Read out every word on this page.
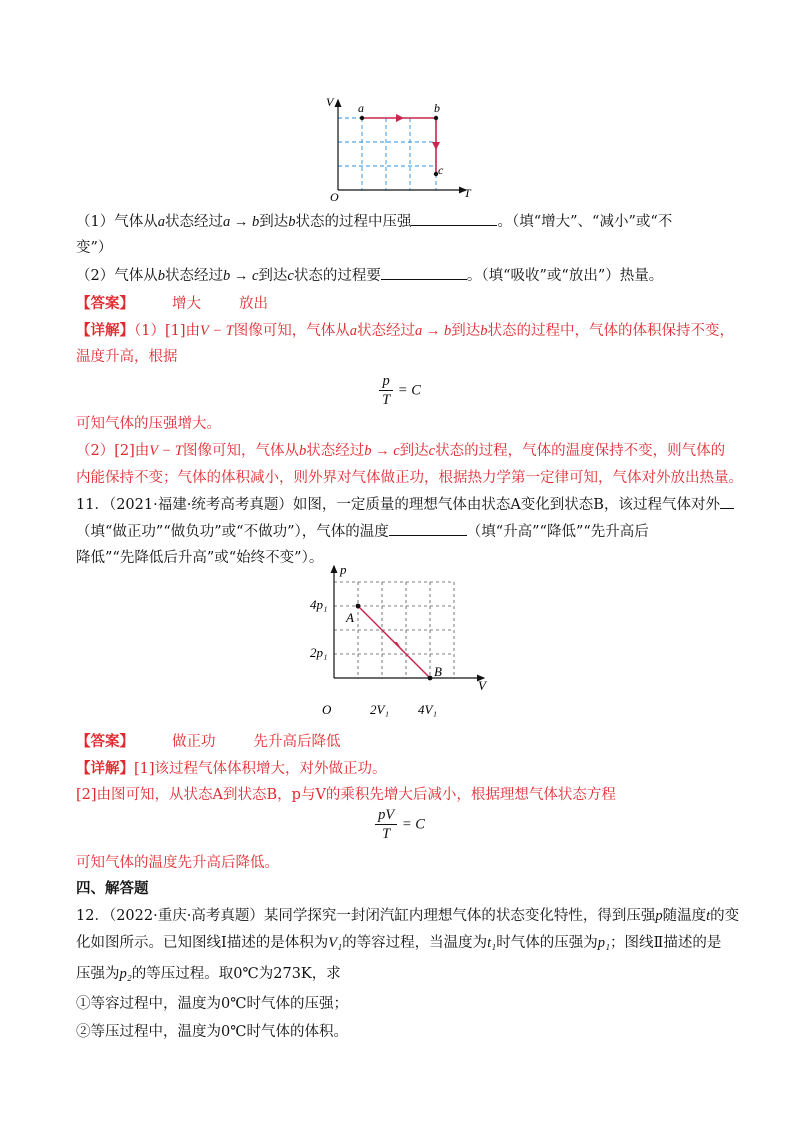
V
T
O
a	b
c
（1）气体从a状态经过a → b到达b状态的过程中压强	。（填“增大”、“减小”或“不
变”）
（2）气体从b状态经过b → c到达c状态的过程要	。（填“吸收”或“放出”）热量。
【答案】	增大	放出
【详解】（1）[1]由V − T图像可知，气体从a状态经过a → b到达b状态的过程中，气体的体积保持不变，
温度升高，根据
$\frac{p}{T} = C$
可知气体的压强增大。
（2）[2]由V − T图像可知，气体从b状态经过b → c到达c状态的过程，气体的温度保持不变，则气体的
内能保持不变；气体的体积减小，则外界对气体做正功，根据热力学第一定律可知，气体对外放出热量。
11．（2021·福建·统考高考真题）如图，一定质量的理想气体由状态A变化到状态B，该过程气体对外
（填“做正功”“做负功”或“不做功”），气体的温度	（填“升高”“降低”“先升高后
降低”“先降低后升高”或“始终不变”）。
p
V
O
4p₁
2p₁
2V₁ 4V₁
A
B
【答案】	做正功	先升高后降低
【详解】[1]该过程气体体积增大，对外做正功。
[2]由图可知，从状态A到状态B，p与V的乘积先增大后减小，根据理想气体状态方程
$\frac{pV}{T} = C$
可知气体的温度先升高后降低。
四、解答题
12．（2022·重庆·高考真题）某同学探究一封闭汽缸内理想气体的状态变化特性，得到压强p随温度t的变
化如图所示。已知图线Ⅰ描述的是体积为V₁的等容过程，当温度为t₁时气体的压强为p₁；图线Ⅱ描述的是
压强为p₂的等压过程。取0℃为273K，求
①等容过程中，温度为0℃时气体的压强；
②等压过程中，温度为0℃时气体的体积。
